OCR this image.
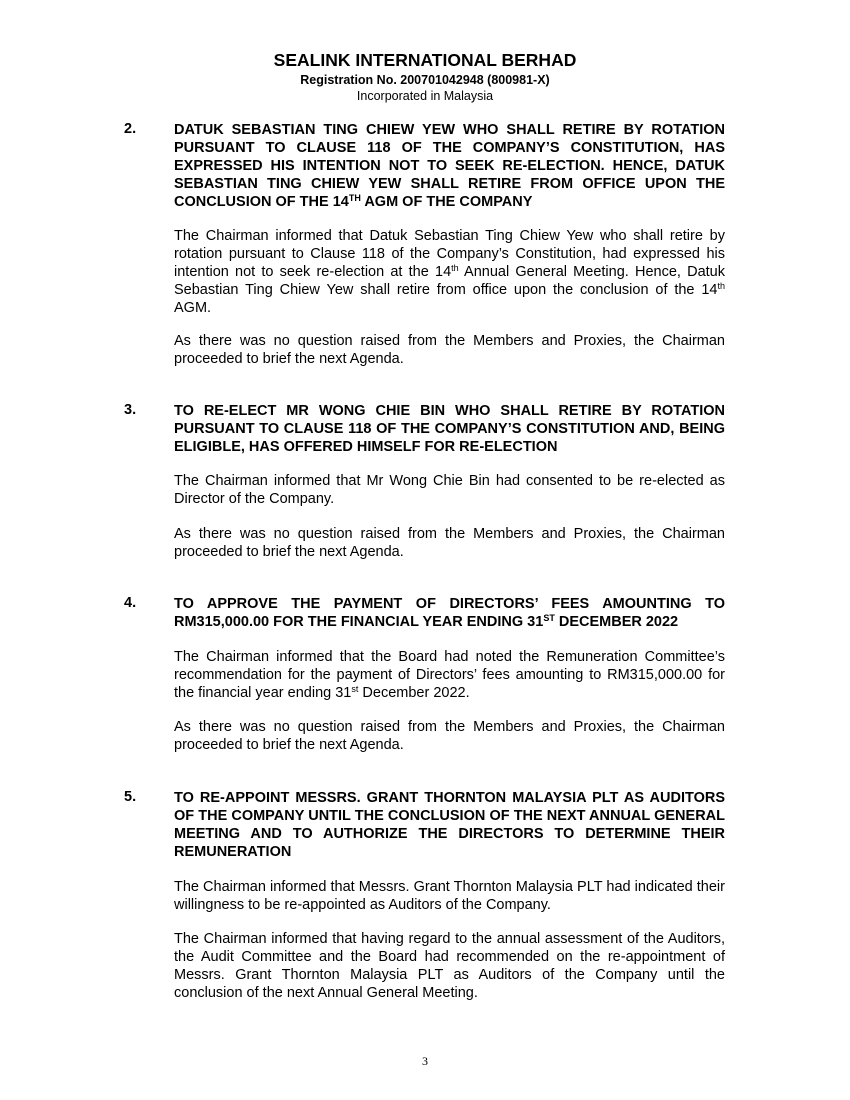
SEALINK INTERNATIONAL BERHAD
Registration No. 200701042948 (800981-X)
Incorporated in Malaysia
2.	DATUK SEBASTIAN TING CHIEW YEW WHO SHALL RETIRE BY ROTATION PURSUANT TO CLAUSE 118 OF THE COMPANY’S CONSTITUTION, HAS EXPRESSED HIS INTENTION NOT TO SEEK RE-ELECTION. HENCE, DATUK SEBASTIAN TING CHIEW YEW SHALL RETIRE FROM OFFICE UPON THE CONCLUSION OF THE 14TH AGM OF THE COMPANY
The Chairman informed that Datuk Sebastian Ting Chiew Yew who shall retire by rotation pursuant to Clause 118 of the Company’s Constitution, had expressed his intention not to seek re-election at the 14th Annual General Meeting. Hence, Datuk Sebastian Ting Chiew Yew shall retire from office upon the conclusion of the 14th AGM.
As there was no question raised from the Members and Proxies, the Chairman proceeded to brief the next Agenda.
3.	TO RE-ELECT MR WONG CHIE BIN WHO SHALL RETIRE BY ROTATION PURSUANT TO CLAUSE 118 OF THE COMPANY’S CONSTITUTION AND, BEING ELIGIBLE, HAS OFFERED HIMSELF FOR RE-ELECTION
The Chairman informed that Mr Wong Chie Bin had consented to be re-elected as Director of the Company.
As there was no question raised from the Members and Proxies, the Chairman proceeded to brief the next Agenda.
4.	TO APPROVE THE PAYMENT OF DIRECTORS’ FEES AMOUNTING TO RM315,000.00 FOR THE FINANCIAL YEAR ENDING 31ST DECEMBER 2022
The Chairman informed that the Board had noted the Remuneration Committee’s recommendation for the payment of Directors’ fees amounting to RM315,000.00 for the financial year ending 31st December 2022.
As there was no question raised from the Members and Proxies, the Chairman proceeded to brief the next Agenda.
5.	TO RE-APPOINT MESSRS. GRANT THORNTON MALAYSIA PLT AS AUDITORS OF THE COMPANY UNTIL THE CONCLUSION OF THE NEXT ANNUAL GENERAL MEETING AND TO AUTHORIZE THE DIRECTORS TO DETERMINE THEIR REMUNERATION
The Chairman informed that Messrs. Grant Thornton Malaysia PLT had indicated their willingness to be re-appointed as Auditors of the Company.
The Chairman informed that having regard to the annual assessment of the Auditors, the Audit Committee and the Board had recommended on the re-appointment of Messrs. Grant Thornton Malaysia PLT as Auditors of the Company until the conclusion of the next Annual General Meeting.
3
